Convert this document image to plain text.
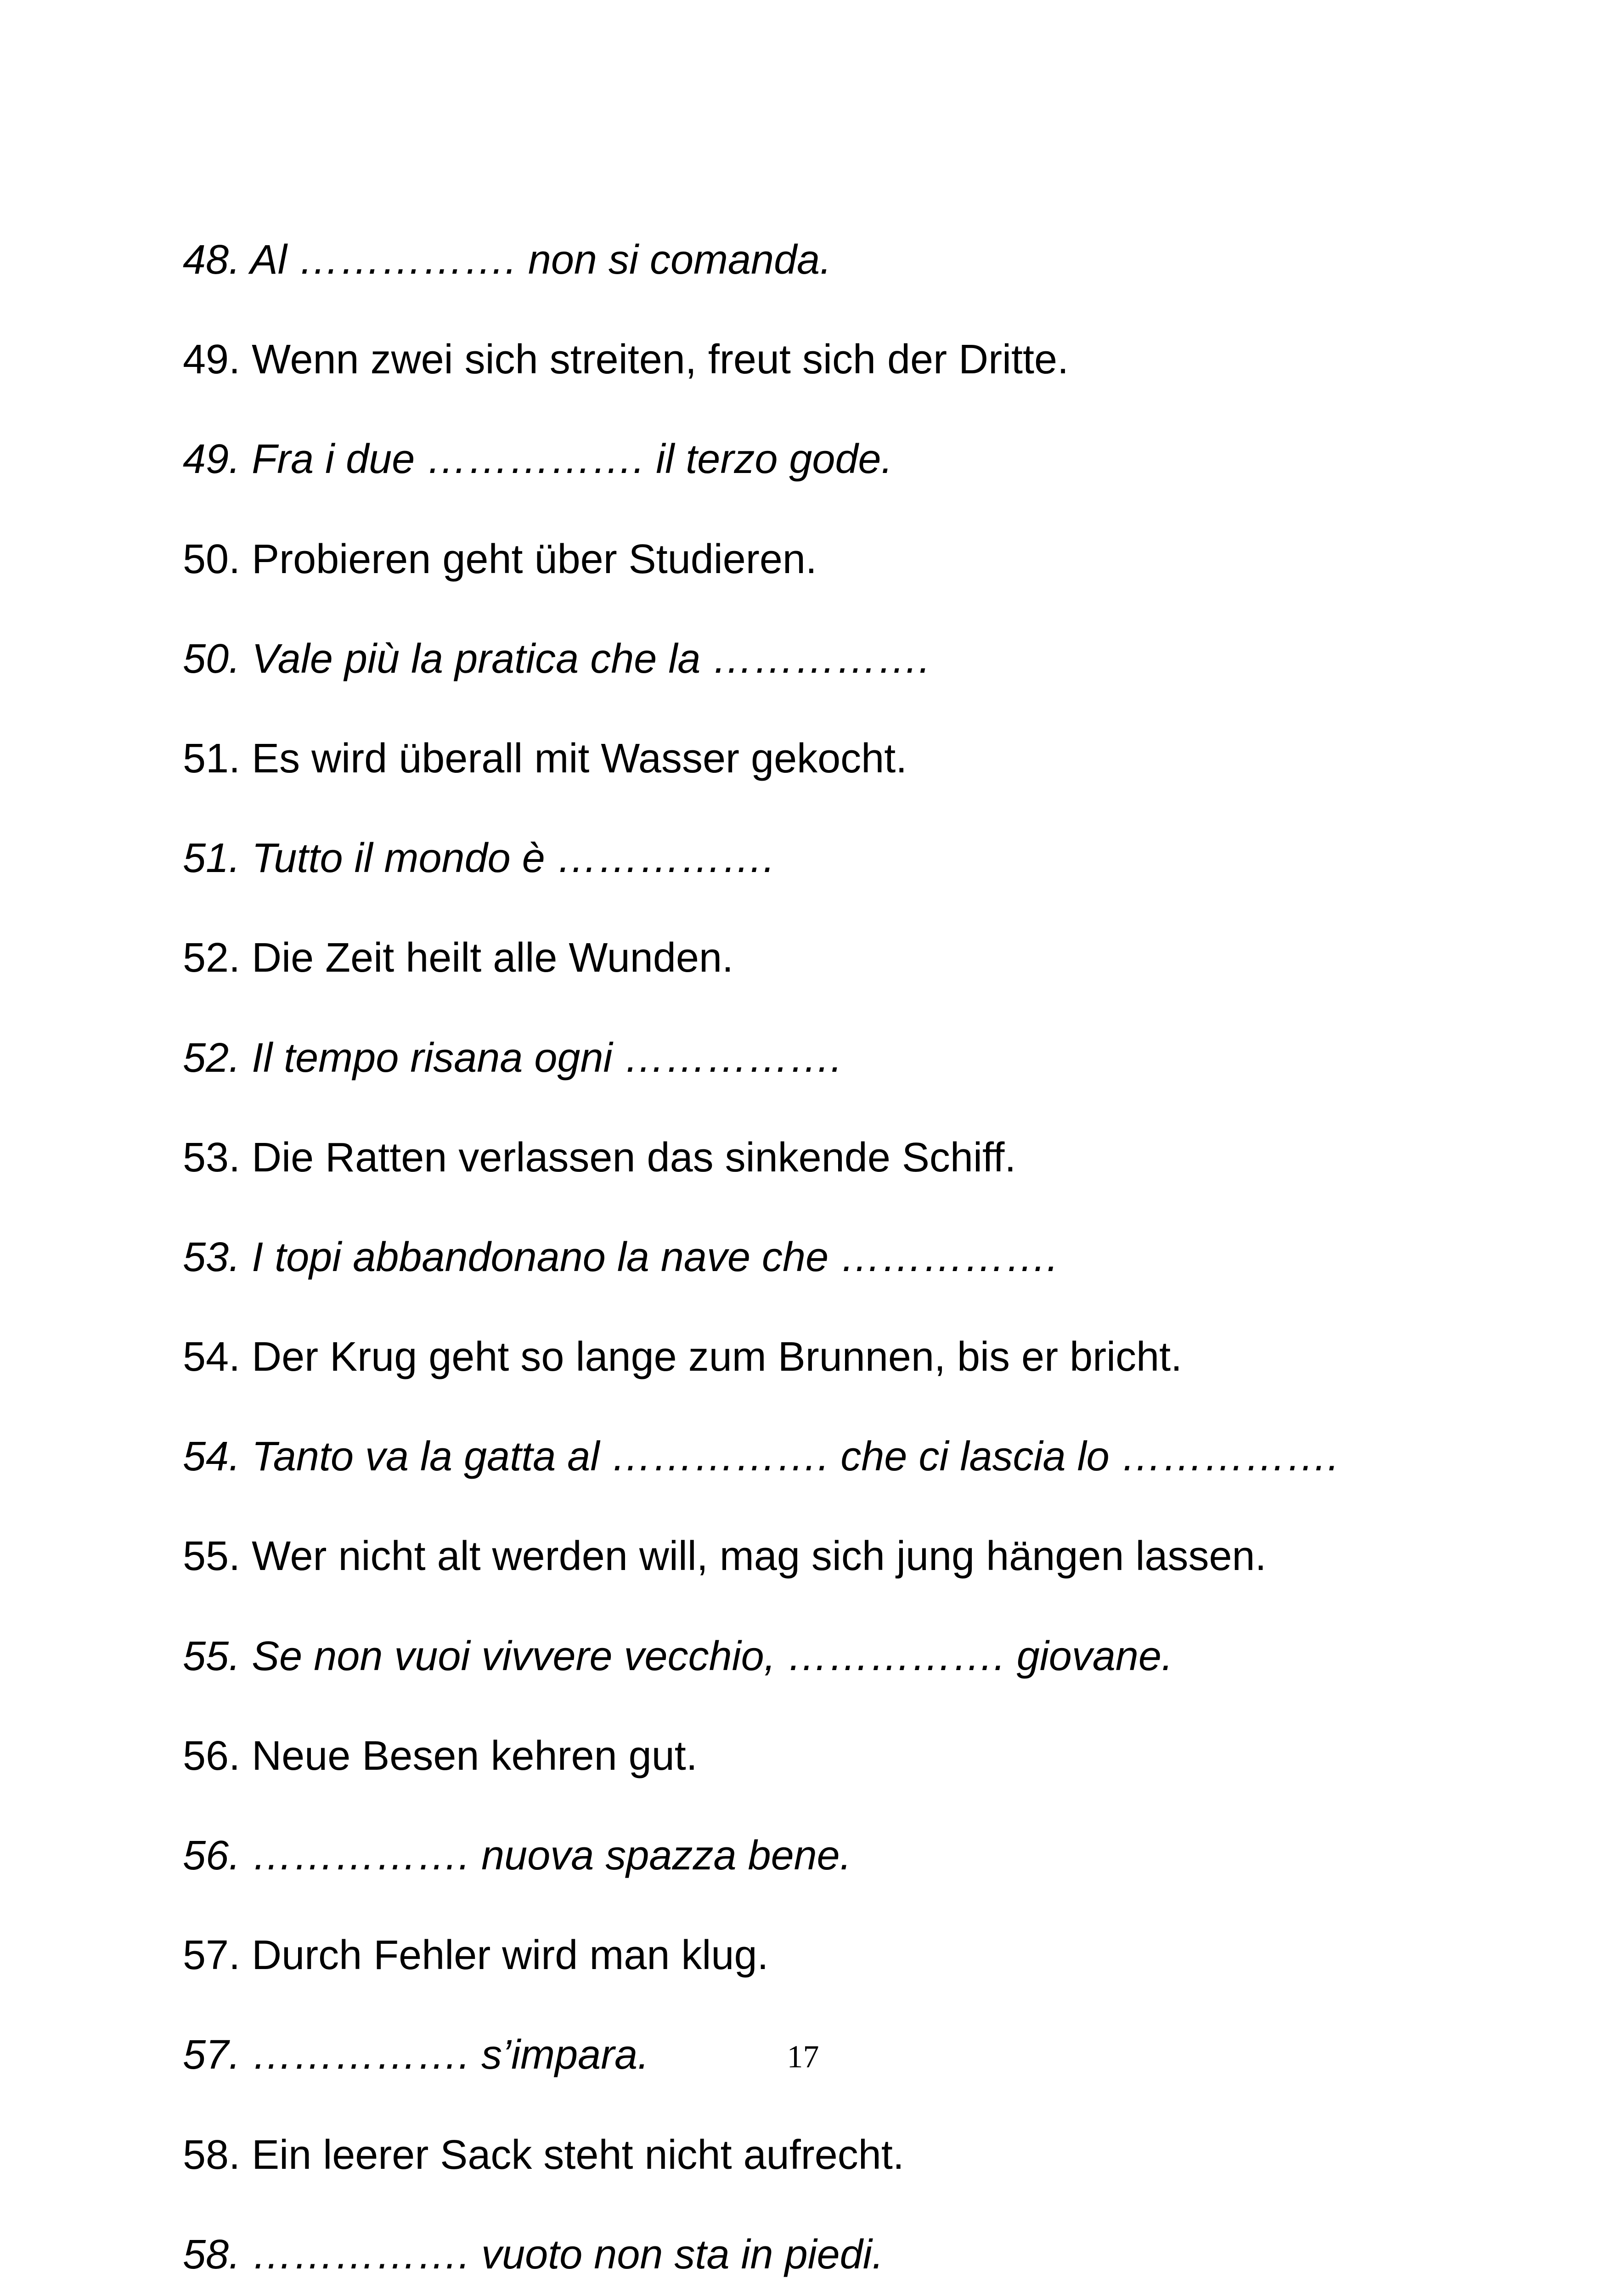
48. Al ……………. non si comanda.
49. Wenn zwei sich streiten, freut sich der Dritte.
49. Fra i due ……………. il terzo gode.
50. Probieren geht über Studieren.
50. Vale più la pratica che la …………….
51. Es wird überall mit Wasser gekocht.
51. Tutto il mondo è …………….
52. Die Zeit heilt alle Wunden.
52. Il tempo risana ogni …………….
53. Die Ratten verlassen das sinkende Schiff.
53. I topi abbandonano la nave che …………….
54. Der Krug geht so lange zum Brunnen, bis er bricht.
54. Tanto va la gatta al ……………. che ci lascia lo …………….
55. Wer nicht alt werden will, mag sich jung hängen lassen.
55. Se non vuoi vivvere vecchio, ……………. giovane.
56. Neue Besen kehren gut.
56. ……………. nuova spazza bene.
57. Durch Fehler wird man klug.
57. ……………. s’impara.
58. Ein leerer Sack steht nicht aufrecht.
58. ……………. vuoto non sta in piedi.
17
